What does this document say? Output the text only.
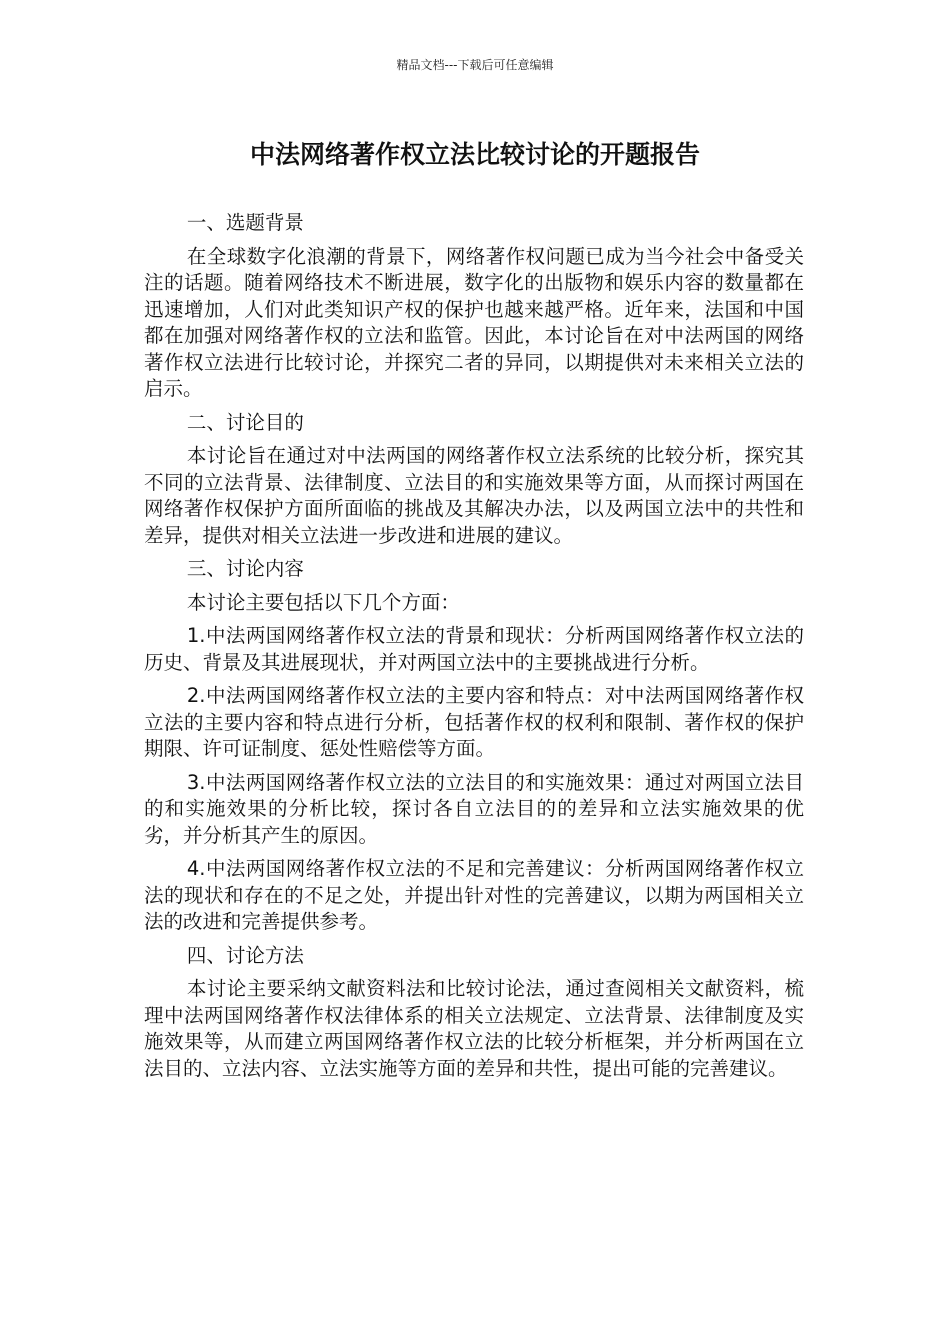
精品文档---下载后可任意编辑
中法网络著作权立法比较讨论的开题报告

一、选题背景

在全球数字化浪潮的背景下，网络著作权问题已成为当今社会中备受关注的话题。随着网络技术不断进展，数字化的出版物和娱乐内容的数量都在迅速增加，人们对此类知识产权的保护也越来越严格。近年来，法国和中国都在加强对网络著作权的立法和监管。因此，本讨论旨在对中法两国的网络著作权立法进行比较讨论，并探究二者的异同，以期提供对未来相关立法的启示。

二、讨论目的

本讨论旨在通过对中法两国的网络著作权立法系统的比较分析，探究其不同的立法背景、法律制度、立法目的和实施效果等方面，从而探讨两国在网络著作权保护方面所面临的挑战及其解决办法，以及两国立法中的共性和差异，提供对相关立法进一步改进和进展的建议。

三、讨论内容

本讨论主要包括以下几个方面：

1.中法两国网络著作权立法的背景和现状：分析两国网络著作权立法的历史、背景及其进展现状，并对两国立法中的主要挑战进行分析。

2.中法两国网络著作权立法的主要内容和特点：对中法两国网络著作权立法的主要内容和特点进行分析，包括著作权的权利和限制、著作权的保护期限、许可证制度、惩处性赔偿等方面。

3.中法两国网络著作权立法的立法目的和实施效果：通过对两国立法目的和实施效果的分析比较，探讨各自立法目的的差异和立法实施效果的优劣，并分析其产生的原因。

4.中法两国网络著作权立法的不足和完善建议：分析两国网络著作权立法的现状和存在的不足之处，并提出针对性的完善建议，以期为两国相关立法的改进和完善提供参考。

四、讨论方法

本讨论主要采纳文献资料法和比较讨论法，通过查阅相关文献资料，梳理中法两国网络著作权法律体系的相关立法规定、立法背景、法律制度及实施效果等，从而建立两国网络著作权立法的比较分析框架，并分析两国在立法目的、立法内容、立法实施等方面的差异和共性，提出可能的完善建议。
